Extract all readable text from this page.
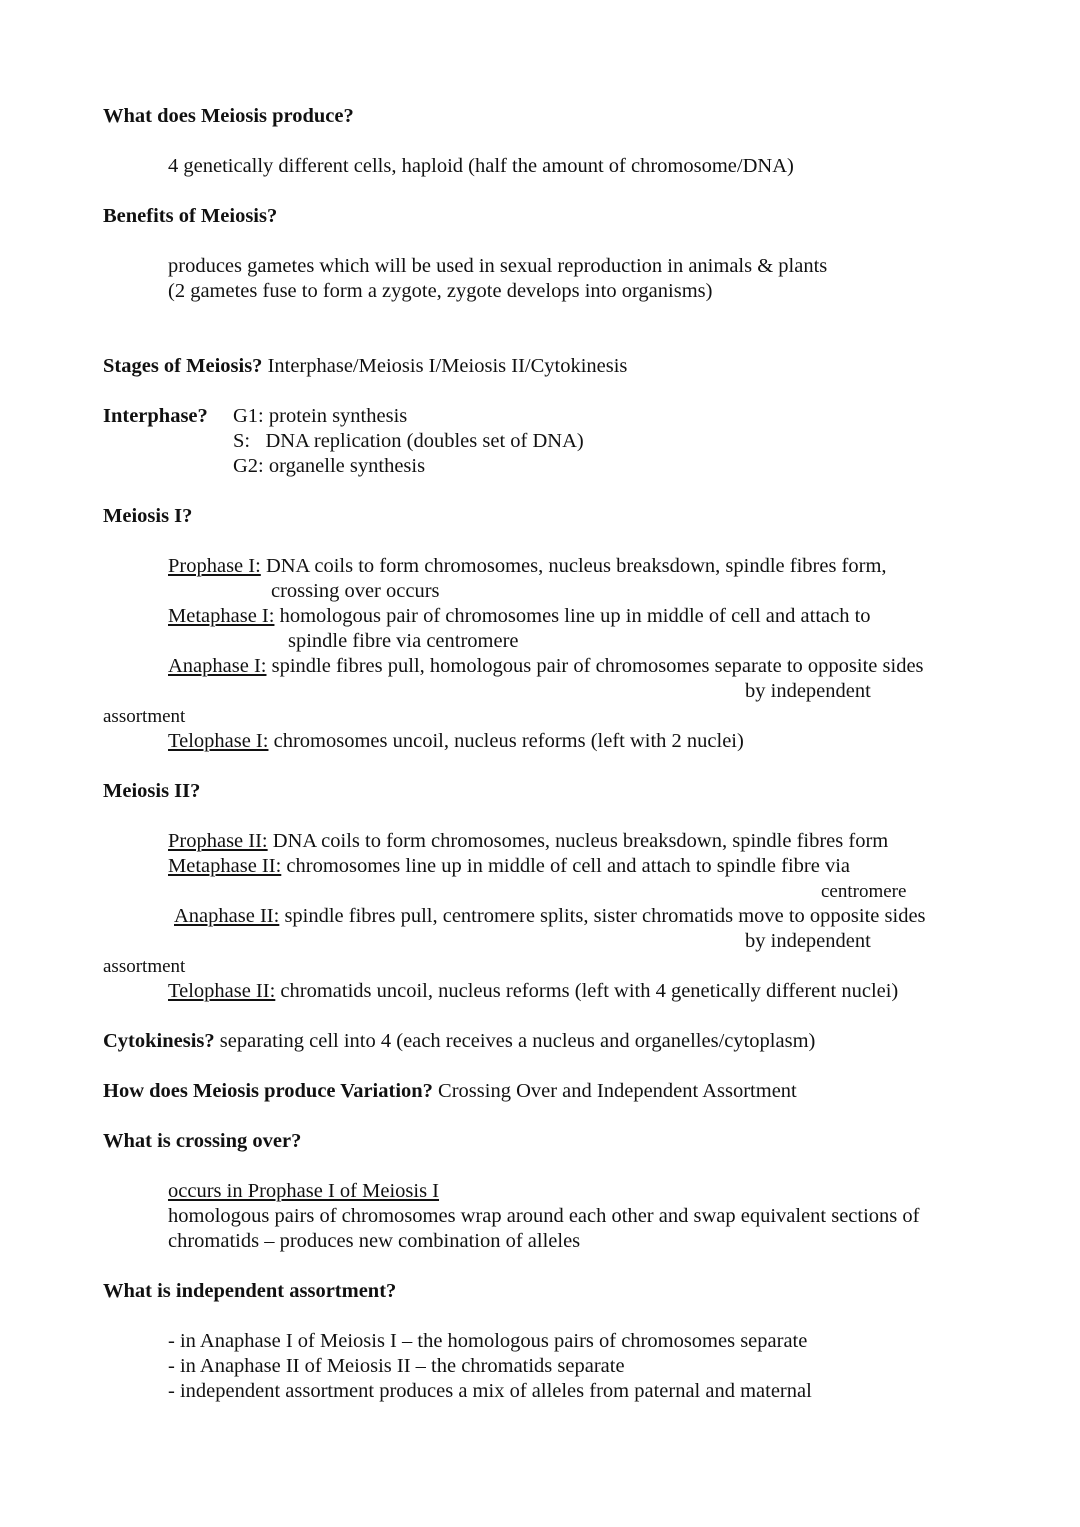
What does Meiosis produce?
4 genetically different cells, haploid (half the amount of chromosome/DNA)
Benefits of Meiosis?
produces gametes which will be used in sexual reproduction in animals & plants
(2 gametes fuse to form a zygote, zygote develops into organisms)
Stages of Meiosis? Interphase/Meiosis I/Meiosis II/Cytokinesis
Interphase? G1: protein synthesis
S:   DNA replication (doubles set of DNA)
G2: organelle synthesis
Meiosis I?
Prophase I: DNA coils to form chromosomes, nucleus breaksdown, spindle fibres form,
crossing over occurs
Metaphase I: homologous pair of chromosomes line up in middle of cell and attach to
spindle fibre via centromere
Anaphase I: spindle fibres pull, homologous pair of chromosomes separate to opposite sides
by independent
assortment
Telophase I: chromosomes uncoil, nucleus reforms (left with 2 nuclei)
Meiosis II?
Prophase II: DNA coils to form chromosomes, nucleus breaksdown, spindle fibres form
Metaphase II: chromosomes line up in middle of cell and attach to spindle fibre via
centromere
Anaphase II: spindle fibres pull, centromere splits, sister chromatids move to opposite sides
by independent
assortment
Telophase II: chromatids uncoil, nucleus reforms (left with 4 genetically different nuclei)
Cytokinesis? separating cell into 4 (each receives a nucleus and organelles/cytoplasm)
How does Meiosis produce Variation? Crossing Over and Independent Assortment
What is crossing over?
occurs in Prophase I of Meiosis I
homologous pairs of chromosomes wrap around each other and swap equivalent sections of
chromatids – produces new combination of alleles
What is independent assortment?
- in Anaphase I of Meiosis I – the homologous pairs of chromosomes separate
- in Anaphase II of Meiosis II – the chromatids separate
- independent assortment produces a mix of alleles from paternal and maternal
